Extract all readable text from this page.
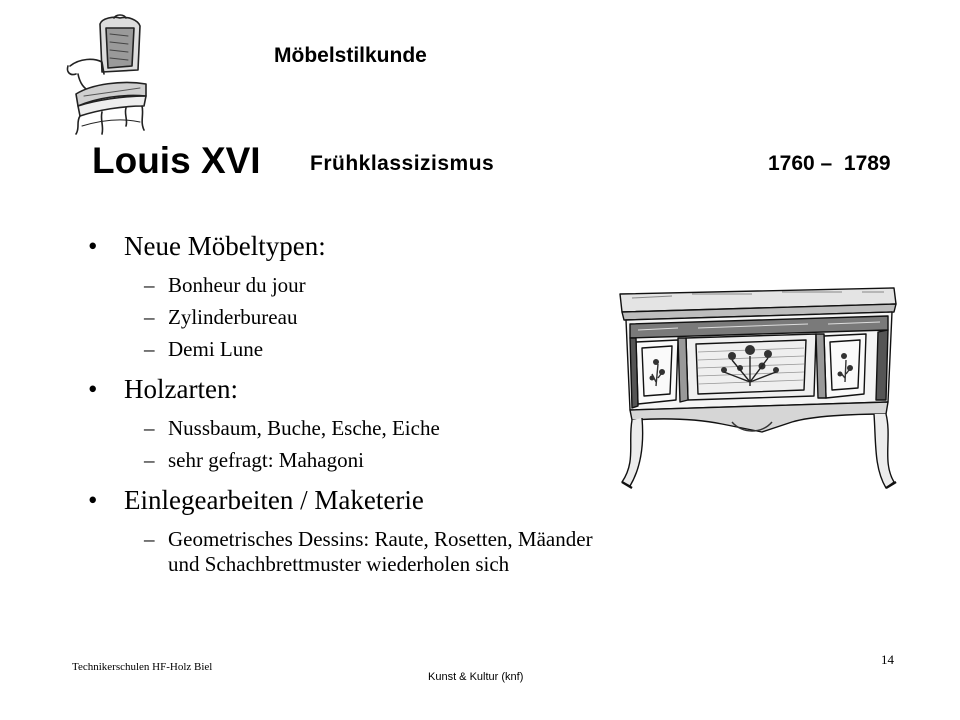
Möbelstilkunde
Louis XVI Frühklassizismus	1760 –  1789
• Neue Möbeltypen:
– Bonheur du jour
– Zylinderbureau
– Demi Lune
• Holzarten:
– Nussbaum, Buche, Esche, Eiche
– sehr gefragt: Mahagoni
• Einlegearbeiten / Maketerie
– Geometrisches Dessins: Raute, Rosetten, Mäander und Schachbrettmuster wiederholen sich
Technikerschulen HF-Holz Biel
Kunst & Kultur (knf)
14
